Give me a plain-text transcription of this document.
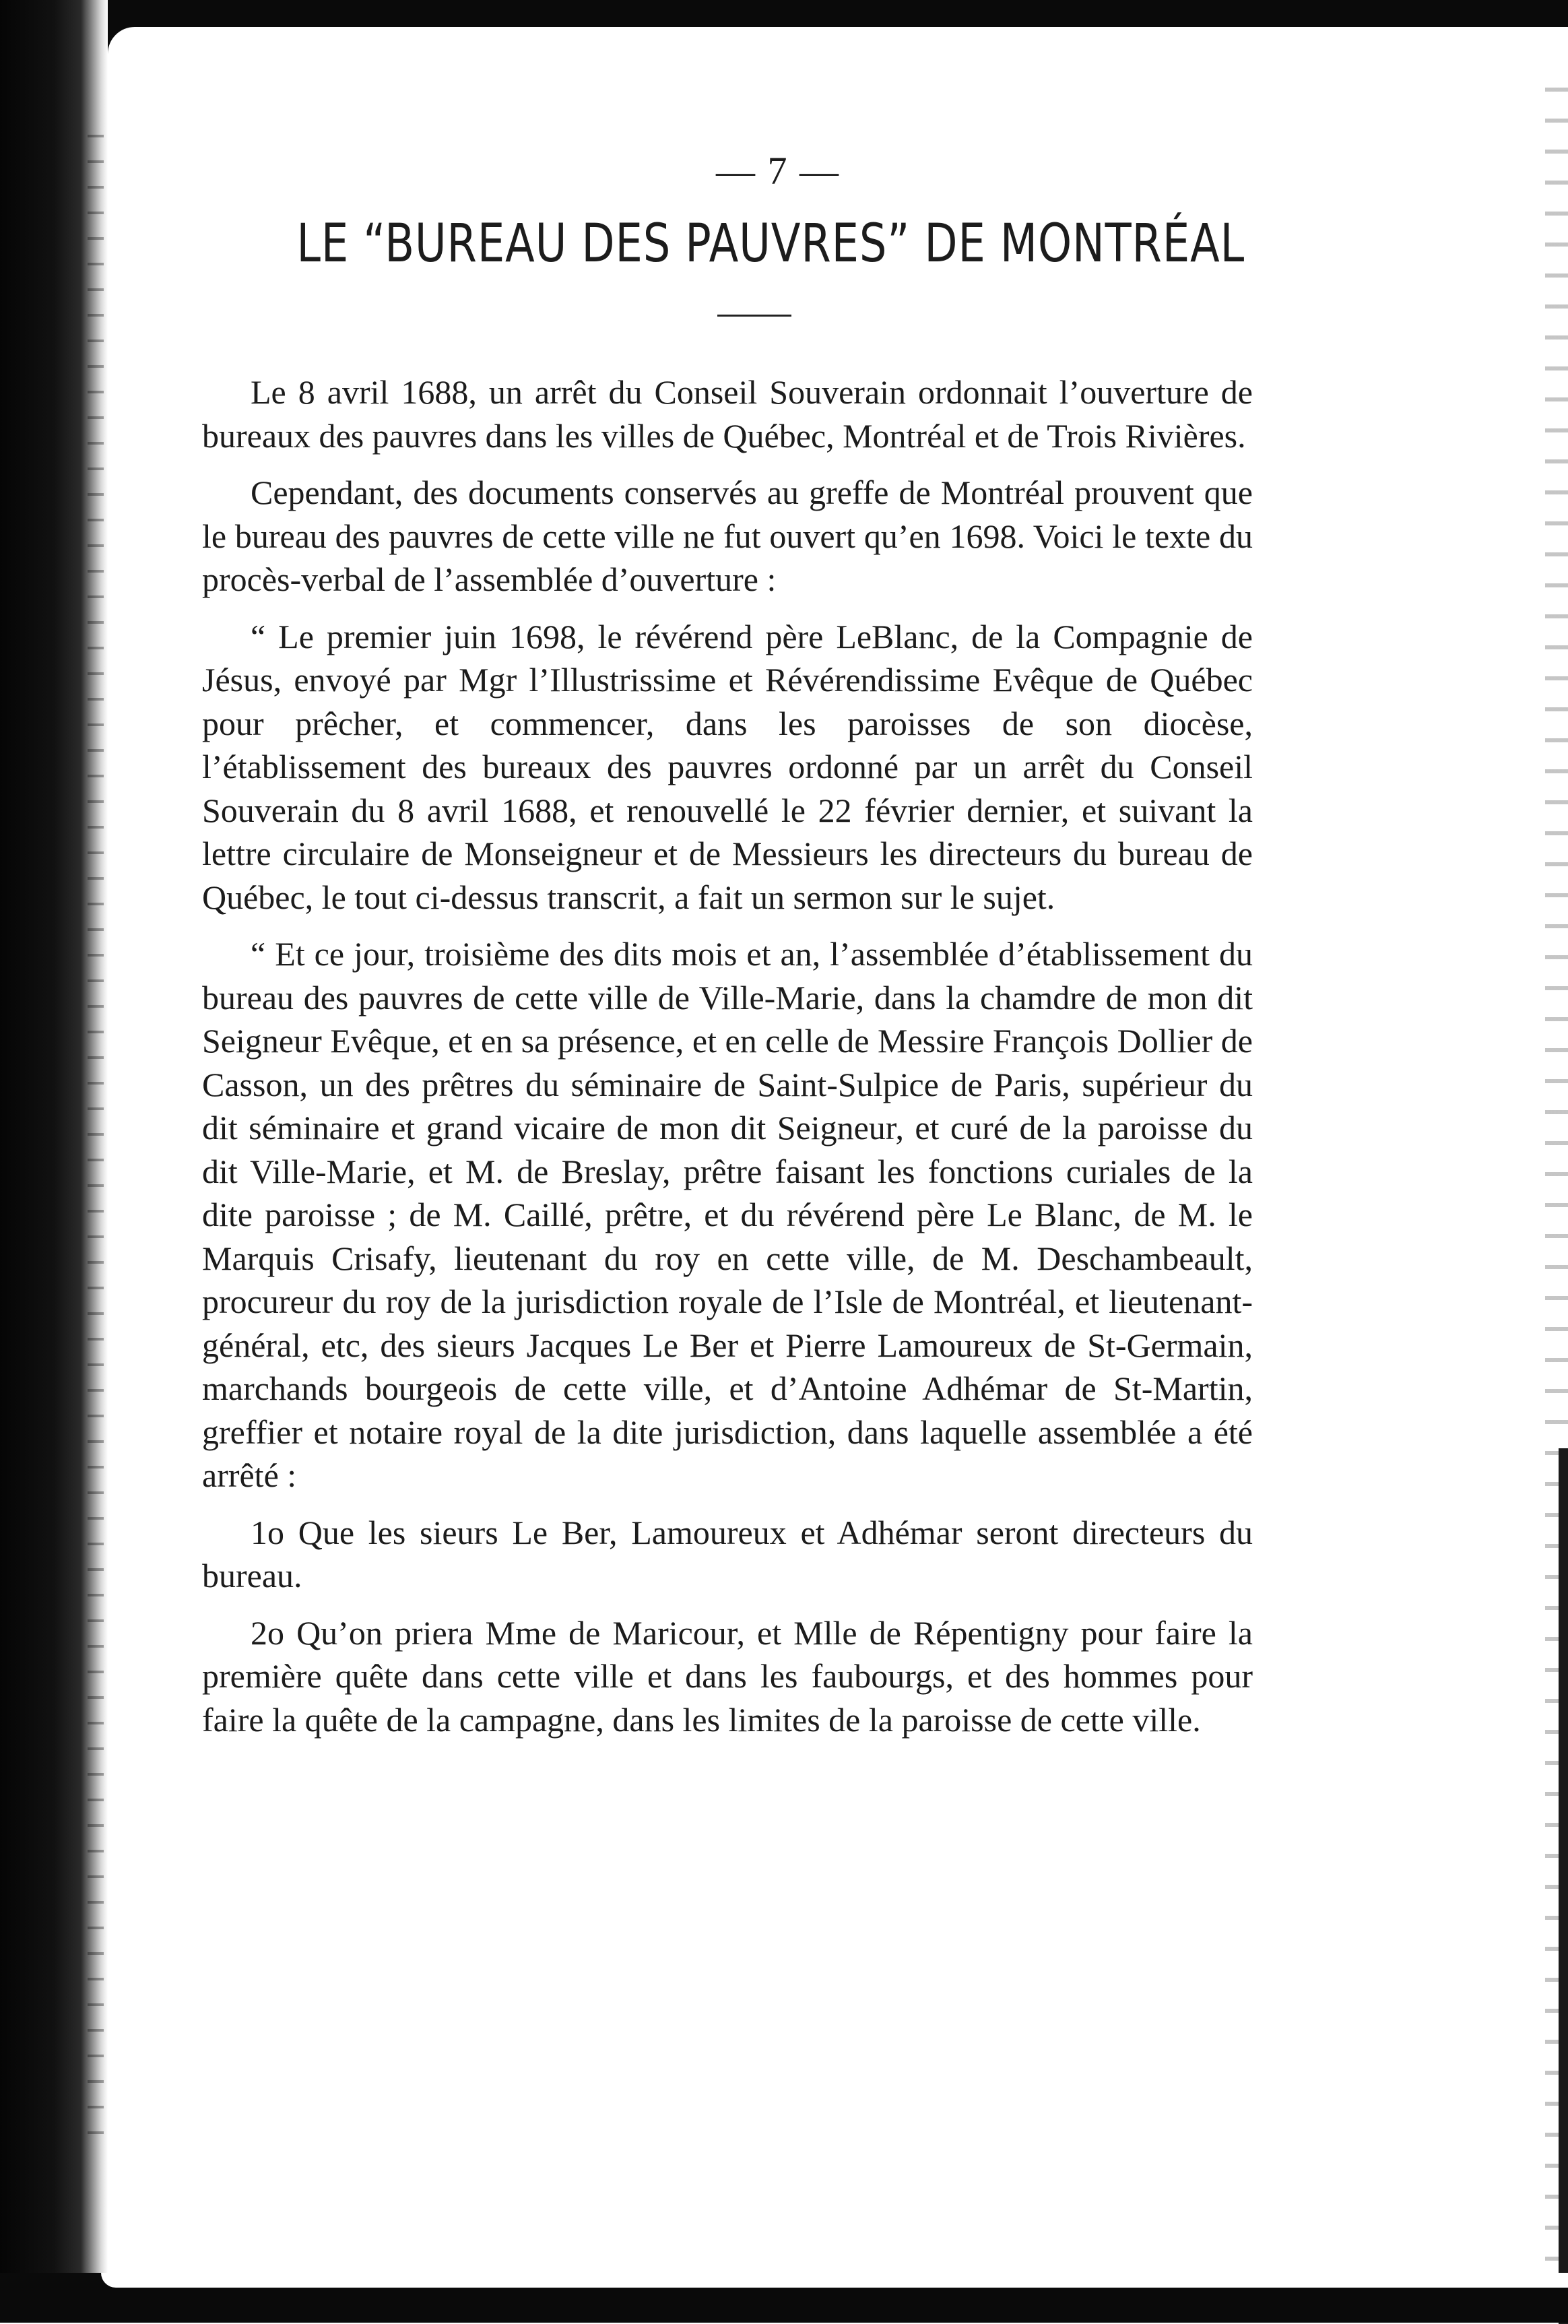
— 7 —
LE “BUREAU DES PAUVRES” DE MONTRÉAL

Le 8 avril 1688, un arrêt du Conseil Souverain ordonnait l’ouverture de bureaux des pauvres dans les villes de Québec, Montréal et de Trois Rivières.

Cependant, des documents conservés au greffe de Montréal prouvent que le bureau des pauvres de cette ville ne fut ouvert qu’en 1698. Voici le texte du procès-verbal de l’assemblée d’ouverture :

“ Le premier juin 1698, le révérend père LeBlanc, de la Compagnie de Jésus, envoyé par Mgr l’Illustrissime et Révérendissime Evêque de Québec pour prêcher, et commencer, dans les paroisses de son diocèse, l’établissement des bureaux des pauvres ordonné par un arrêt du Conseil Souverain du 8 avril 1688, et renouvellé le 22 février dernier, et suivant la lettre circulaire de Monseigneur et de Messieurs les directeurs du bureau de Québec, le tout ci-dessus transcrit, a fait un sermon sur le sujet.

“ Et ce jour, troisième des dits mois et an, l’assemblée d’établissement du bureau des pauvres de cette ville de Ville-Marie, dans la chamdre de mon dit Seigneur Evêque, et en sa présence, et en celle de Messire François Dollier de Casson, un des prêtres du séminaire de Saint-Sulpice de Paris, supérieur du dit séminaire et grand vicaire de mon dit Seigneur, et curé de la paroisse du dit Ville-Marie, et M. de Breslay, prêtre faisant les fonctions curiales de la dite paroisse ; de M. Caillé, prêtre, et du révérend père Le Blanc, de M. le Marquis Crisafy, lieutenant du roy en cette ville, de M. Deschambeault, procureur du roy de la jurisdiction royale de l’Isle de Montréal, et lieutenant-général, etc, des sieurs Jacques Le Ber et Pierre Lamoureux de St-Germain, marchands bourgeois de cette ville, et d’Antoine Adhémar de St-Martin, greffier et notaire royal de la dite jurisdiction, dans laquelle assemblée a été arrêté :

1o Que les sieurs Le Ber, Lamoureux et Adhémar seront directeurs du bureau.

2o Qu’on priera Mme de Maricour, et Mlle de Répentigny pour faire la première quête dans cette ville et dans les faubourgs, et des hommes pour faire la quête de la campagne, dans les limites de la paroisse de cette ville.
